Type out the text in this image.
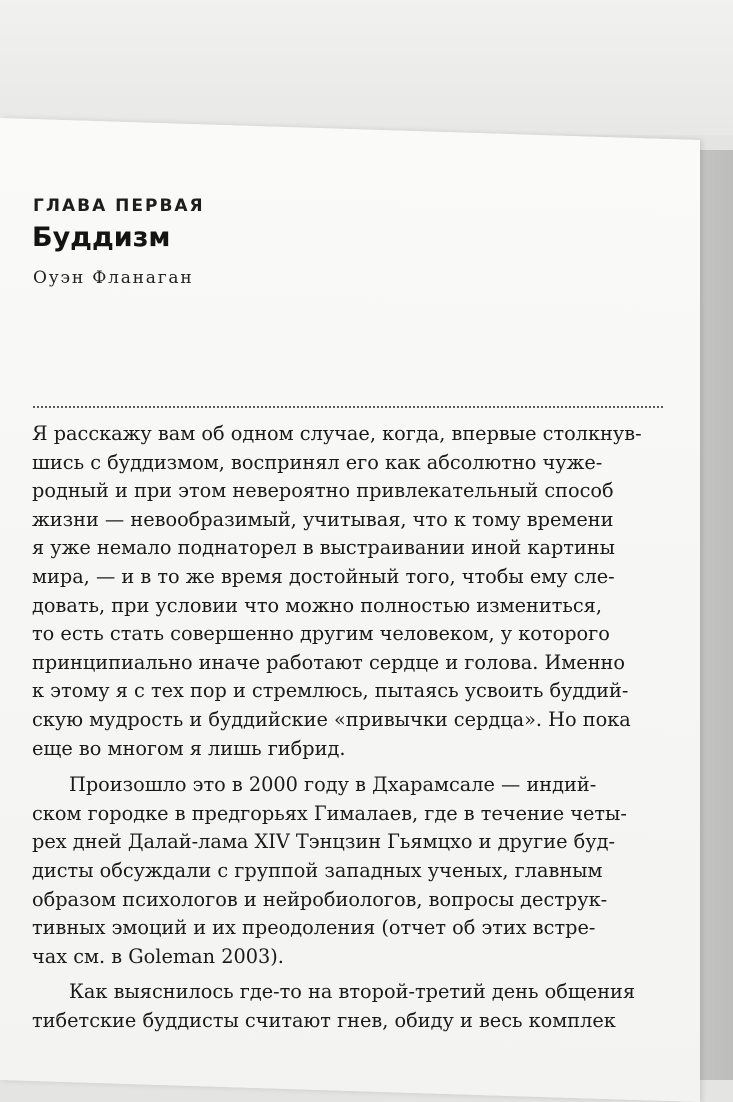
ГЛАВА ПЕРВАЯ
Буддизм
Оуэн Фланаган
Я расскажу вам об одном случае, когда, впервые столкнув-
шись с буддизмом, воспринял его как абсолютно чуже-
родный и при этом невероятно привлекательный способ
жизни — невообразимый, учитывая, что к тому времени
я уже немало поднаторел в выстраивании иной картины
мира, — и в то же время достойный того, чтобы ему сле-
довать, при условии что можно полностью измениться,
то есть стать совершенно другим человеком, у которого
принципиально иначе работают сердце и голова. Именно
к этому я с тех пор и стремлюсь, пытаясь усвоить буддий-
скую мудрость и буддийские «привычки сердца». Но пока
еще во многом я лишь гибрид.
Произошло это в 2000 году в Дхарамсале — индий-
ском городке в предгорьях Гималаев, где в течение четы-
рех дней Далай-лама XIV Тэнцзин Гьямцхо и другие буд-
дисты обсуждали с группой западных ученых, главным
образом психологов и нейробиологов, вопросы деструк-
тивных эмоций и их преодоления (отчет об этих встре-
чах см. в Goleman 2003).
Как выяснилось где-то на второй-третий день общения
тибетские буддисты считают гнев, обиду и весь комплек
